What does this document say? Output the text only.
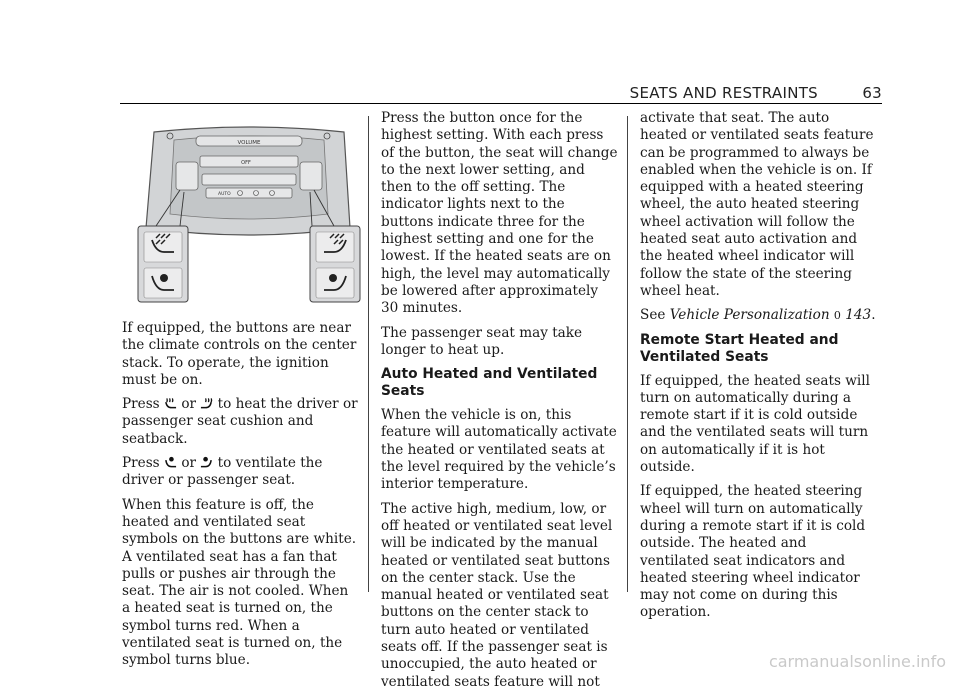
SEATS AND RESTRAINTS	63
VOLUME
OFF
AUTO

If equipped, the buttons are near the climate controls on the center stack. To operate, the ignition must be on.

Press or to heat the driver or passenger seat cushion and seatback.

Press or to ventilate the driver or passenger seat.

When this feature is off, the heated and ventilated seat symbols on the buttons are white. A ventilated seat has a fan that pulls or pushes air through the seat. The air is not cooled. When a heated seat is turned on, the symbol turns red. When a ventilated seat is turned on, the symbol turns blue.

Press the button once for the highest setting. With each press of the button, the seat will change to the next lower setting, and then to the off setting. The indicator lights next to the buttons indicate three for the highest setting and one for the lowest. If the heated seats are on high, the level may automatically be lowered after approximately 30 minutes.

The passenger seat may take longer to heat up.

Auto Heated and Ventilated Seats

When the vehicle is on, this feature will automatically activate the heated or ventilated seats at the level required by the vehicle’s interior temperature.

The active high, medium, low, or off heated or ventilated seat level will be indicated by the manual heated or ventilated seat buttons on the center stack. Use the manual heated or ventilated seat buttons on the center stack to turn auto heated or ventilated seats off. If the passenger seat is unoccupied, the auto heated or ventilated seats feature will not

activate that seat. The auto heated or ventilated seats feature can be programmed to always be enabled when the vehicle is on. If equipped with a heated steering wheel, the auto heated steering wheel activation will follow the heated seat auto activation and the heated wheel indicator will follow the state of the steering wheel heat.

See Vehicle Personalization 0 143.

Remote Start Heated and Ventilated Seats

If equipped, the heated seats will turn on automatically during a remote start if it is cold outside and the ventilated seats will turn on automatically if it is hot outside.

If equipped, the heated steering wheel will turn on automatically during a remote start if it is cold outside. The heated and ventilated seat indicators and heated steering wheel indicator may not come on during this operation.

carmanualsonline.info
